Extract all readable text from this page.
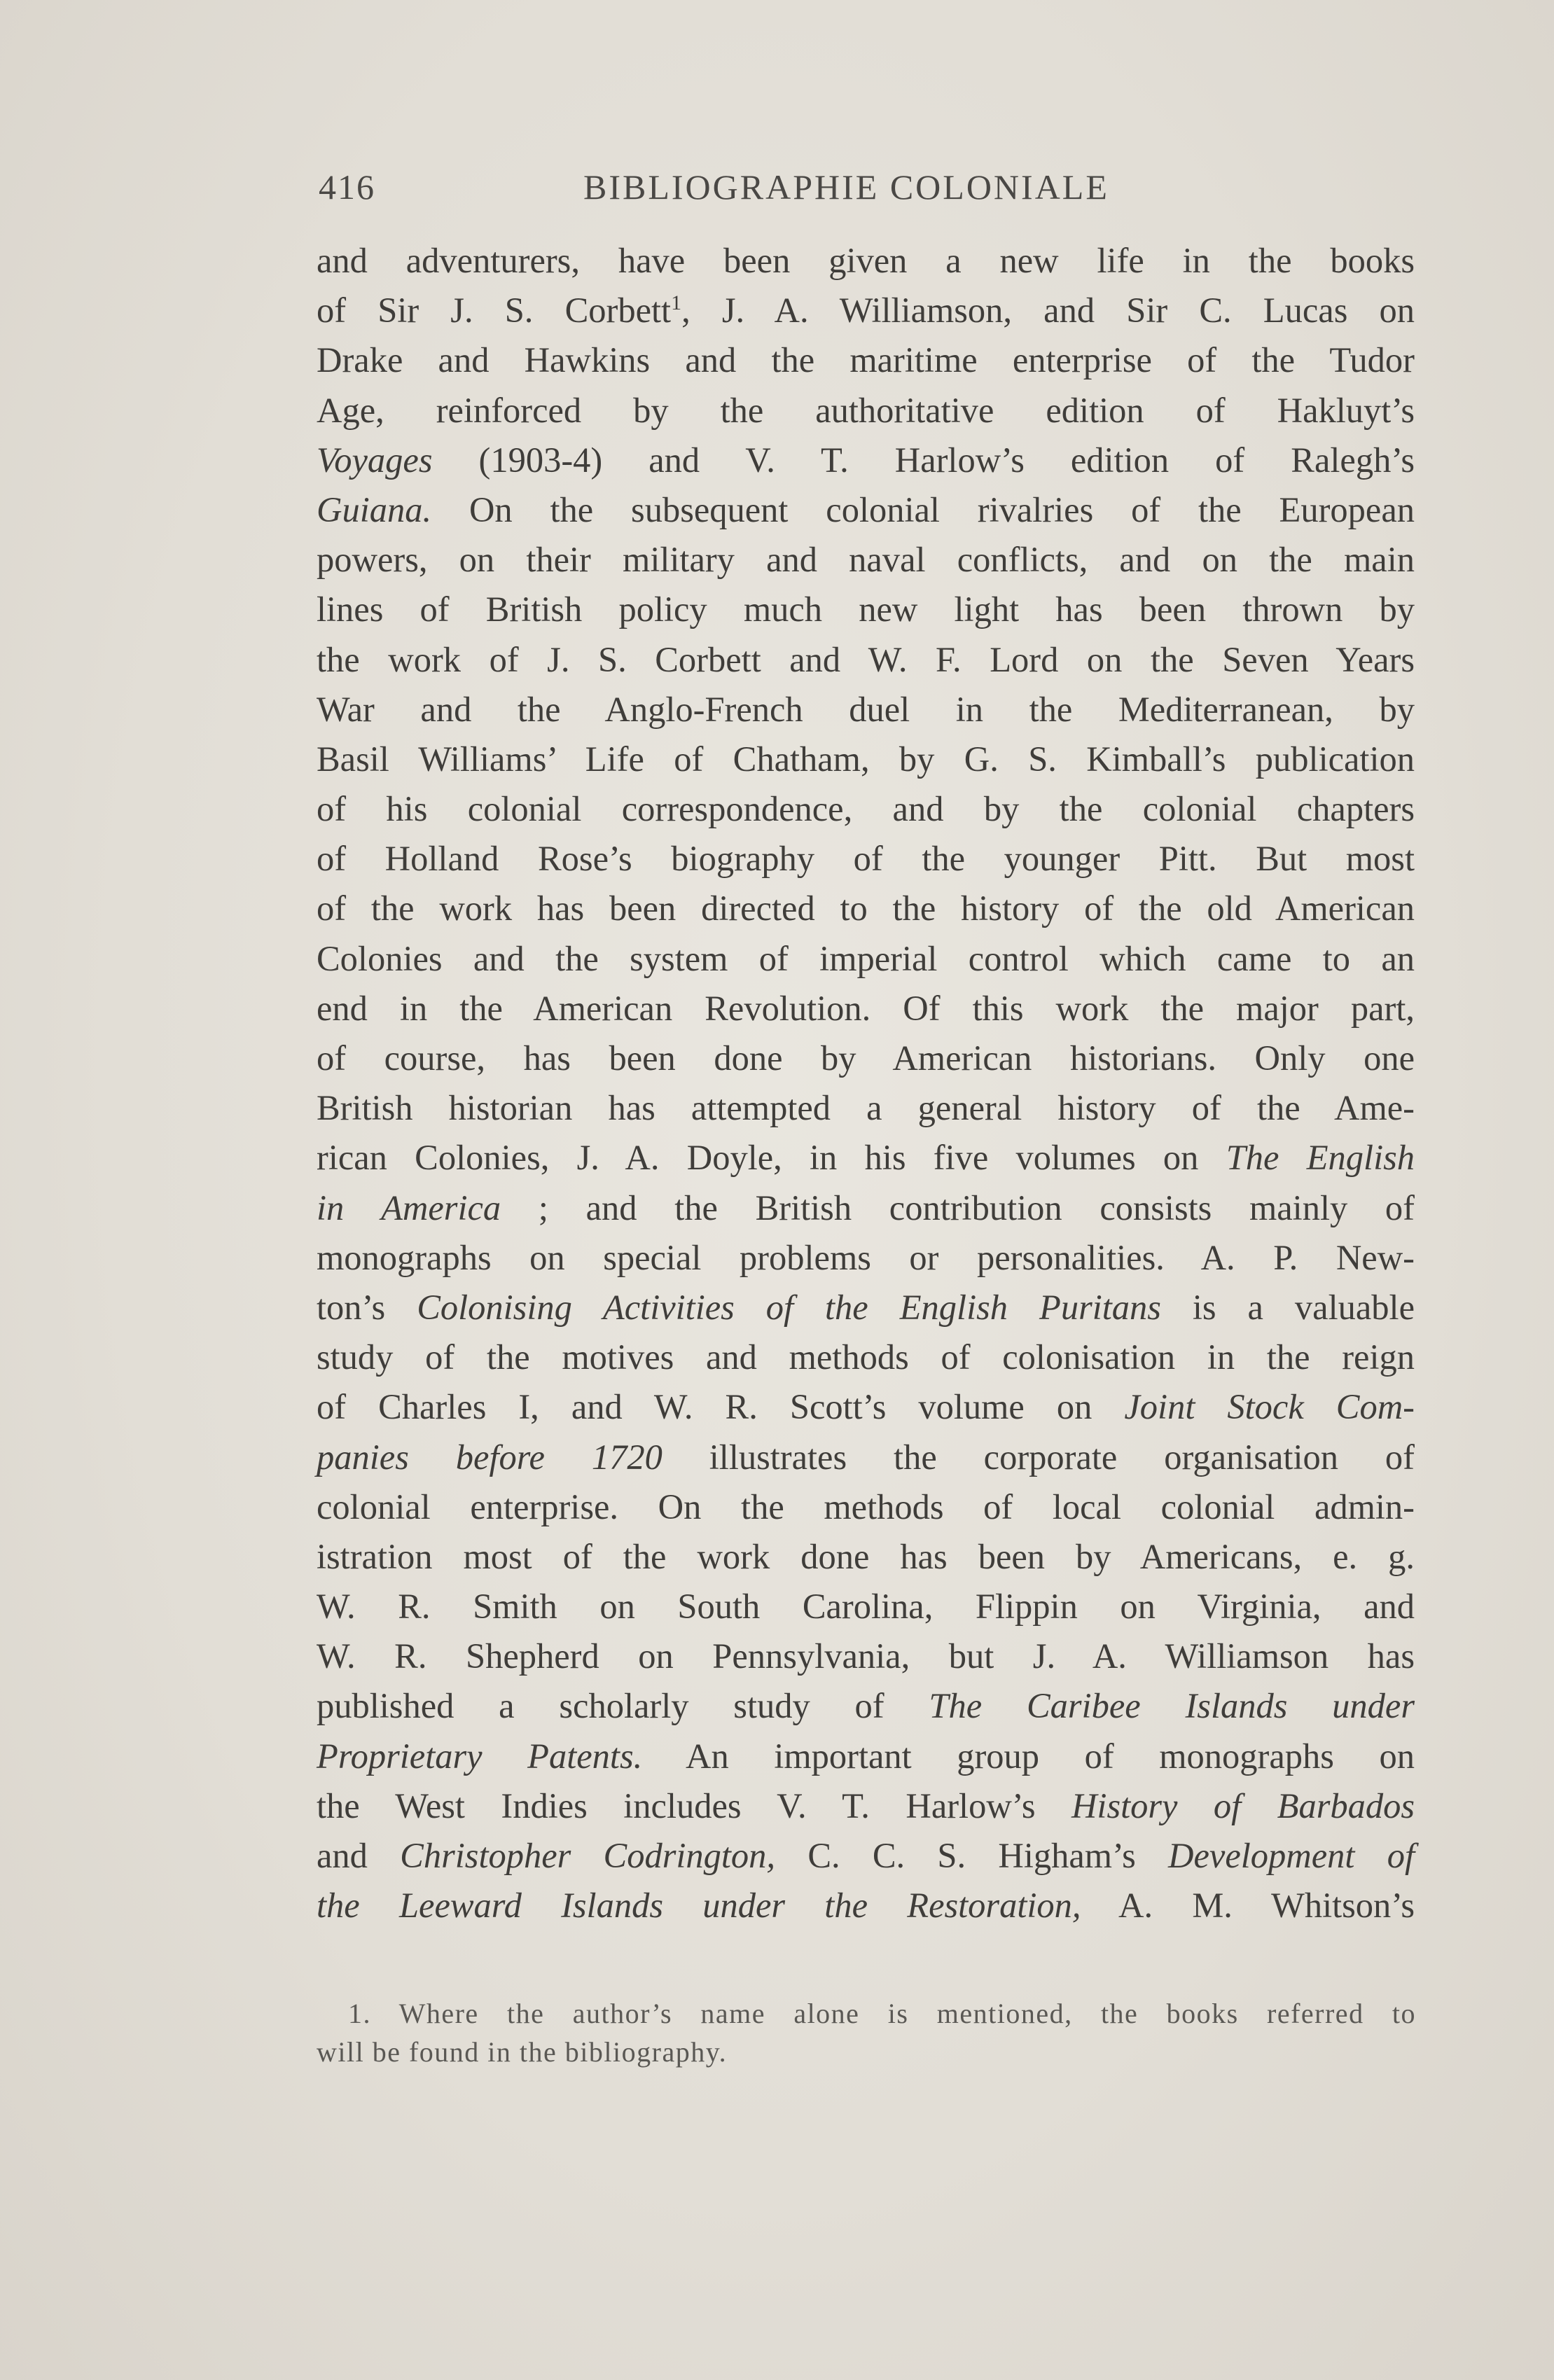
416	BIBLIOGRAPHIE COLONIALE
and adventurers, have been given a new life in the books
of Sir J. S. Corbett$^1$, J. A. Williamson, and Sir C. Lucas on
Drake and Hawkins and the maritime enterprise of the Tudor
Age, reinforced by the authoritative edition of Hakluyt’s
Voyages (1903-4) and V. T. Harlow’s edition of Ralegh’s
Guiana. On the subsequent colonial rivalries of the European
powers, on their military and naval conflicts, and on the main
lines of British policy much new light has been thrown by
the work of J. S. Corbett and W. F. Lord on the Seven Years
War and the Anglo-French duel in the Mediterranean, by
Basil Williams’ Life of Chatham, by G. S. Kimball’s publication
of his colonial correspondence, and by the colonial chapters
of Holland Rose’s biography of the younger Pitt. But most
of the work has been directed to the history of the old American
Colonies and the system of imperial control which came to an
end in the American Revolution. Of this work the major part,
of course, has been done by American historians. Only one
British historian has attempted a general history of the Ame-
rican Colonies, J. A. Doyle, in his five volumes on The English
in America ; and the British contribution consists mainly of
monographs on special problems or personalities. A. P. New-
ton’s Colonising Activities of the English Puritans is a valuable
study of the motives and methods of colonisation in the reign
of Charles I, and W. R. Scott’s volume on Joint Stock Com-
panies before 1720 illustrates the corporate organisation of
colonial enterprise. On the methods of local colonial admin-
istration most of the work done has been by Americans, e. g.
W. R. Smith on South Carolina, Flippin on Virginia, and
W. R. Shepherd on Pennsylvania, but J. A. Williamson has
published a scholarly study of The Caribee Islands under
Proprietary Patents. An important group of monographs on
the West Indies includes V. T. Harlow’s History of Barbados
and Christopher Codrington, C. C. S. Higham’s Development of
the Leeward Islands under the Restoration, A. M. Whitson’s
1. Where the author’s name alone is mentioned, the books referred to
will be found in the bibliography.
